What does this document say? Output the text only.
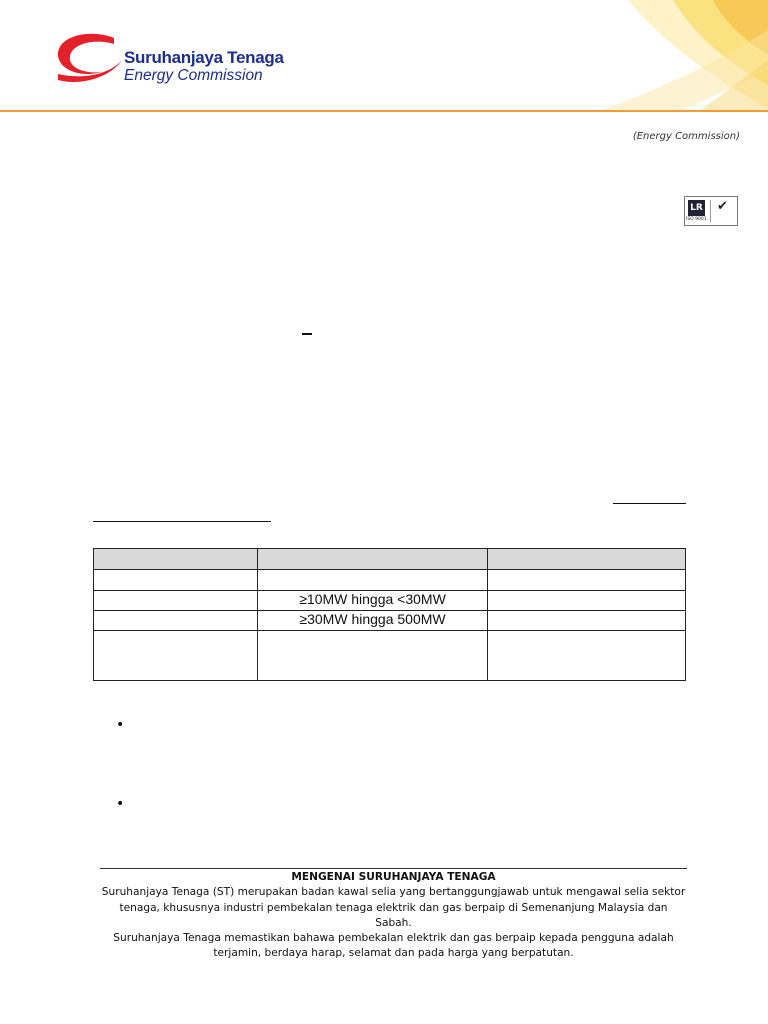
Suruhanjaya Tenaga
Energy Commission
(Energy Commission)
LR
ISO 9001
✔

	≥10MW hingga <30MW	
	≥30MW hingga 500MW	

•
•
MENGENAI SURUHANJAYA TENAGA
Suruhanjaya Tenaga (ST) merupakan badan kawal selia yang bertanggungjawab untuk mengawal selia sektor
tenaga, khususnya industri pembekalan tenaga elektrik dan gas berpaip di Semenanjung Malaysia dan Sabah.
Suruhanjaya Tenaga memastikan bahawa pembekalan elektrik dan gas berpaip kepada pengguna adalah
terjamin, berdaya harap, selamat dan pada harga yang berpatutan.
